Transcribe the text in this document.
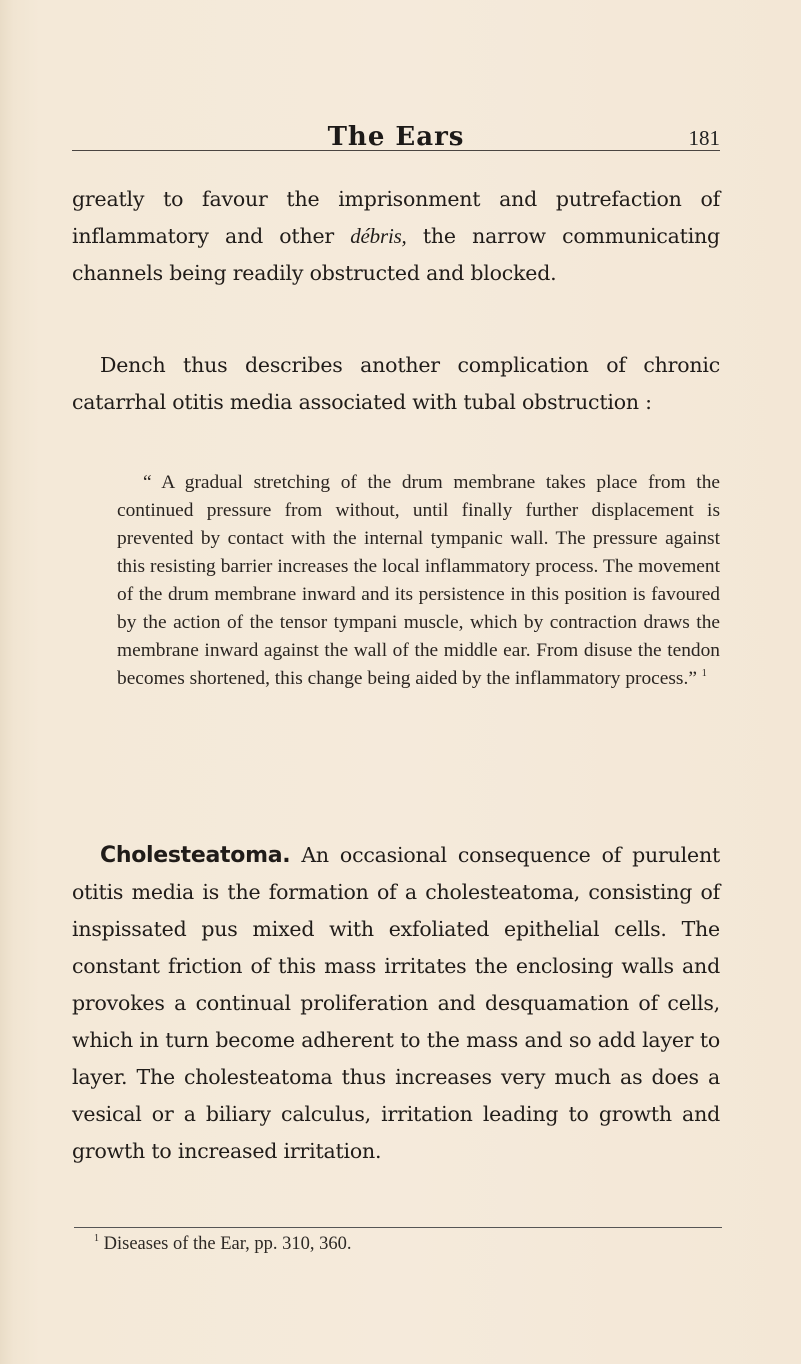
The Ears	181
greatly to favour the imprisonment and putrefaction of inflammatory and other débris, the narrow communicating channels being readily obstructed and blocked.
Dench thus describes another complication of chronic catarrhal otitis media associated with tubal obstruction :
“ A gradual stretching of the drum membrane takes place from the continued pressure from without, until finally further displacement is prevented by contact with the internal tympanic wall. The pressure against this resisting barrier increases the local inflammatory process. The movement of the drum membrane inward and its persistence in this position is favoured by the action of the tensor tympani muscle, which by contraction draws the membrane inward against the wall of the middle ear. From disuse the tendon becomes shortened, this change being aided by the inflammatory process.” $^1$
Cholesteatoma. An occasional consequence of purulent otitis media is the formation of a cholesteatoma, consisting of inspissated pus mixed with exfoliated epithelial cells. The constant friction of this mass irritates the enclosing walls and provokes a continual proliferation and desquamation of cells, which in turn become adherent to the mass and so add layer to layer. The cholesteatoma thus increases very much as does a vesical or a biliary calculus, irritation leading to growth and growth to increased irritation.
$^1$ Diseases of the Ear, pp. 310, 360.
